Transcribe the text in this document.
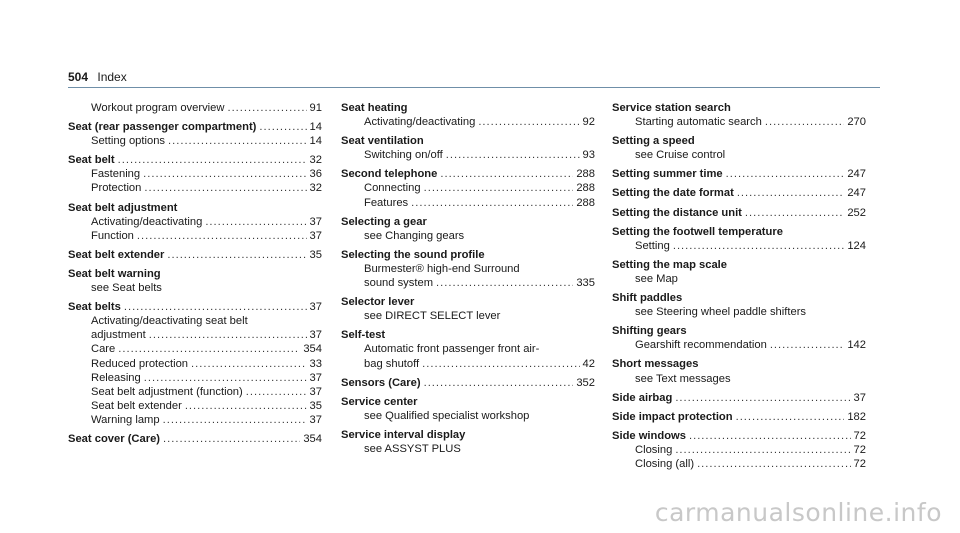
504 Index
Workout program overview .....	91
Seat (rear passenger compartment) .....	14
Setting options .....	14
Seat belt .....	32
Fastening .....	36
Protection .....	32
Seat belt adjustment
Activating/deactivating .....	37
Function .....	37
Seat belt extender .....	35
Seat belt warning
see Seat belts
Seat belts .....	37
Activating/deactivating seat belt
adjustment .....	37
Care .....	354
Reduced protection .....	33
Releasing .....	37
Seat belt adjustment (function) .....	37
Seat belt extender .....	35
Warning lamp .....	37
Seat cover (Care) .....	354
Seat heating
Activating/deactivating .....	92
Seat ventilation
Switching on/off .....	93
Second telephone .....	288
Connecting .....	288
Features .....	288
Selecting a gear
see Changing gears
Selecting the sound profile
Burmester® high-end Surround
sound system .....	335
Selector lever
see DIRECT SELECT lever
Self-test
Automatic front passenger front air-
bag shutoff .....	42
Sensors (Care) .....	352
Service center
see Qualified specialist workshop
Service interval display
see ASSYST PLUS
Service station search
Starting automatic search .....	270
Setting a speed
see Cruise control
Setting summer time .....	247
Setting the date format .....	247
Setting the distance unit .....	252
Setting the footwell temperature
Setting .....	124
Setting the map scale
see Map
Shift paddles
see Steering wheel paddle shifters
Shifting gears
Gearshift recommendation .....	142
Short messages
see Text messages
Side airbag .....	37
Side impact protection .....	182
Side windows .....	72
Closing .....	72
Closing (all) .....	72
carmanualsonline.info
